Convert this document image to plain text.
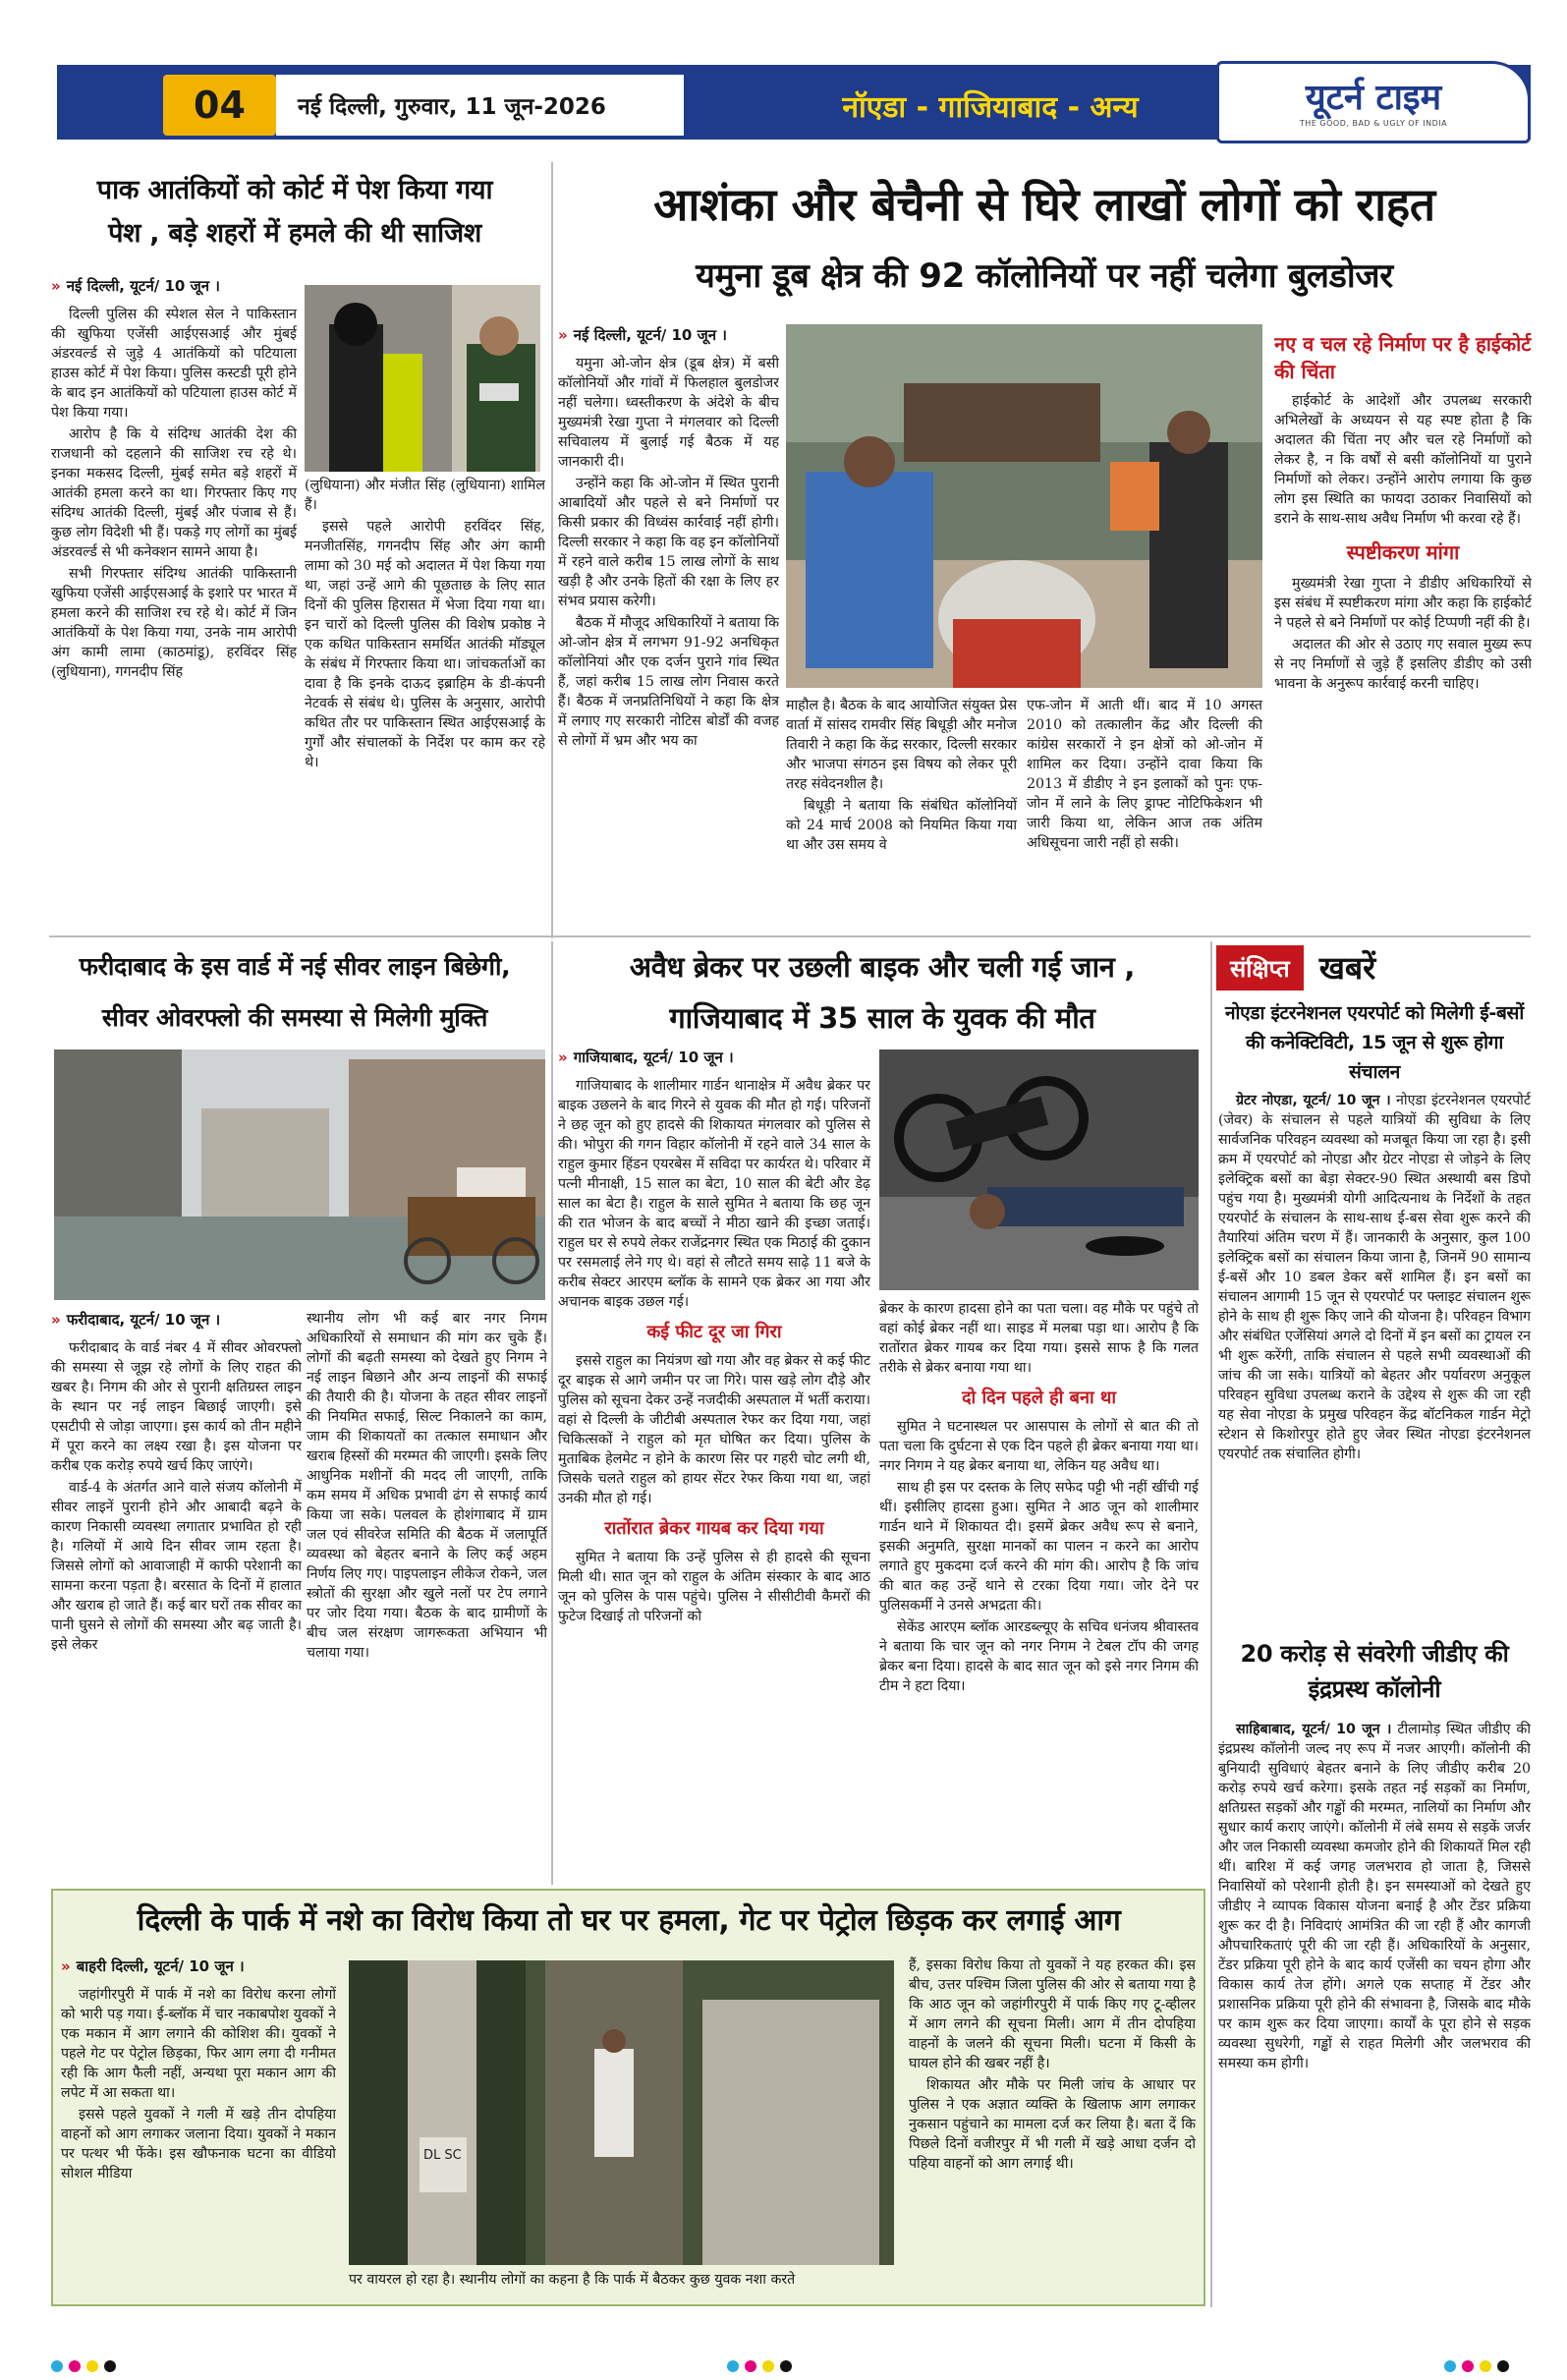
04 नई दिल्ली, गुरुवार, 11 जून-2026	नॉएडा - गाजियाबाद - अन्य	यूटर्न टाइम
THE GOOD, BAD & UGLY OF INDIA
पाक आतंकियों को कोर्ट में पेश किया गया
पेश , बड़े शहरों में हमले की थी साजिश
» नई दिल्ली, यूटर्न/ 10 जून ।

दिल्ली पुलिस की स्पेशल सेल ने पाकिस्तान की खुफिया एजेंसी आईएसआई और मुंबई अंडरवर्ल्ड से जुड़े 4 आतंकियों को पटियाला हाउस कोर्ट में पेश किया। पुलिस कस्टडी पूरी होने के बाद इन आतंकियों को पटियाला हाउस कोर्ट में पेश किया गया।

आरोप है कि ये संदिग्ध आतंकी देश की राजधानी को दहलाने की साजिश रच रहे थे। इनका मकसद दिल्ली, मुंबई समेत बड़े शहरों में आतंकी हमला करने का था। गिरफ्तार किए गए संदिग्ध आतंकी दिल्ली, मुंबई और पंजाब से हैं। कुछ लोग विदेशी भी हैं। पकड़े गए लोगों का मुंबई अंडरवर्ल्ड से भी कनेक्शन सामने आया है।

सभी गिरफ्तार संदिग्ध आतंकी पाकिस्तानी खुफिया एजेंसी आईएसआई के इशारे पर भारत में हमला करने की साजिश रच रहे थे। कोर्ट में जिन आतंकियों के पेश किया गया, उनके नाम आरोपी अंग कामी लामा (काठमांडू), हरविंदर सिंह (लुधियाना), गगनदीप सिंह

(लुधियाना) और मंजीत सिंह (लुधियाना) शामिल हैं।

इससे पहले आरोपी हरविंदर सिंह, मनजीतसिंह, गगनदीप सिंह और अंग कामी लामा को 30 मई को अदालत में पेश किया गया था, जहां उन्हें आगे की पूछताछ के लिए सात दिनों की पुलिस हिरासत में भेजा दिया गया था। इन चारों को दिल्ली पुलिस की विशेष प्रकोष्ठ ने एक कथित पाकिस्तान समर्थित आतंकी मॉड्यूल के संबंध में गिरफ्तार किया था। जांचकर्ताओं का दावा है कि इनके दाऊद इब्राहिम के डी-कंपनी नेटवर्क से संबंध थे। पुलिस के अनुसार, आरोपी कथित तौर पर पाकिस्तान स्थित आईएसआई के गुर्गों और संचालकों के निर्देश पर काम कर रहे थे।

आशंका और बेचैनी से घिरे लाखों लोगों को राहत
यमुना डूब क्षेत्र की 92 कॉलोनियों पर नहीं चलेगा बुलडोजर
» नई दिल्ली, यूटर्न/ 10 जून ।

यमुना ओ-जोन क्षेत्र (डूब क्षेत्र) में बसी कॉलोनियों और गांवों में फिलहाल बुलडोजर नहीं चलेगा। ध्वस्तीकरण के अंदेशे के बीच मुख्यमंत्री रेखा गुप्ता ने मंगलवार को दिल्ली सचिवालय में बुलाई गई बैठक में यह जानकारी दी।

उन्होंने कहा कि ओ-जोन में स्थित पुरानी आबादियों और पहले से बने निर्माणों पर किसी प्रकार की विध्वंस कार्रवाई नहीं होगी। दिल्ली सरकार ने कहा कि वह इन कॉलोनियों में रहने वाले करीब 15 लाख लोगों के साथ खड़ी है और उनके हितों की रक्षा के लिए हर संभव प्रयास करेगी।

बैठक में मौजूद अधिकारियों ने बताया कि ओ-जोन क्षेत्र में लगभग 91-92 अनधिकृत कॉलोनियां और एक दर्जन पुराने गांव स्थित हैं, जहां करीब 15 लाख लोग निवास करते हैं। बैठक में जनप्रतिनिधियों ने कहा कि क्षेत्र में लगाए गए सरकारी नोटिस बोर्डों की वजह से लोगों में भ्रम और भय का

माहौल है। बैठक के बाद आयोजित संयुक्त प्रेस वार्ता में सांसद रामवीर सिंह बिधूड़ी और मनोज तिवारी ने कहा कि केंद्र सरकार, दिल्ली सरकार और भाजपा संगठन इस विषय को लेकर पूरी तरह संवेदनशील है।

बिधूड़ी ने बताया कि संबंधित कॉलोनियों को 24 मार्च 2008 को नियमित किया गया था और उस समय वे

एफ-जोन में आती थीं। बाद में 10 अगस्त 2010 को तत्कालीन केंद्र और दिल्ली की कांग्रेस सरकारों ने इन क्षेत्रों को ओ-जोन में शामिल कर दिया। उन्होंने दावा किया कि 2013 में डीडीए ने इन इलाकों को पुनः एफ-जोन में लाने के लिए ड्राफ्ट नोटिफिकेशन भी जारी किया था, लेकिन आज तक अंतिम अधिसूचना जारी नहीं हो सकी।

नए व चल रहे निर्माण पर है हाईकोर्ट की चिंता

हाईकोर्ट के आदेशों और उपलब्ध सरकारी अभिलेखों के अध्ययन से यह स्पष्ट होता है कि अदालत की चिंता नए और चल रहे निर्माणों को लेकर है, न कि वर्षों से बसी कॉलोनियों या पुराने निर्माणों को लेकर। उन्होंने आरोप लगाया कि कुछ लोग इस स्थिति का फायदा उठाकर निवासियों को डराने के साथ-साथ अवैध निर्माण भी करवा रहे हैं।

स्पष्टीकरण मांगा

मुख्यमंत्री रेखा गुप्ता ने डीडीए अधिकारियों से इस संबंध में स्पष्टीकरण मांगा और कहा कि हाईकोर्ट ने पहले से बने निर्माणों पर कोई टिप्पणी नहीं की है।

अदालत की ओर से उठाए गए सवाल मुख्य रूप से नए निर्माणों से जुड़े हैं इसलिए डीडीए को उसी भावना के अनुरूप कार्रवाई करनी चाहिए।

फरीदाबाद के इस वार्ड में नई सीवर लाइन बिछेगी,
सीवर ओवरफ्लो की समस्या से मिलेगी मुक्ति
» फरीदाबाद, यूटर्न/ 10 जून ।

फरीदाबाद के वार्ड नंबर 4 में सीवर ओवरफ्लो की समस्या से जूझ रहे लोगों के लिए राहत की खबर है। निगम की ओर से पुरानी क्षतिग्रस्त लाइन के स्थान पर नई लाइन बिछाई जाएगी। इसे एसटीपी से जोड़ा जाएगा। इस कार्य को तीन महीने में पूरा करने का लक्ष्य रखा है। इस योजना पर करीब एक करोड़ रुपये खर्च किए जाएंगे।

वार्ड-4 के अंतर्गत आने वाले संजय कॉलोनी में सीवर लाइनें पुरानी होने और आबादी बढ़ने के कारण निकासी व्यवस्था लगातार प्रभावित हो रही है। गलियों में आये दिन सीवर जाम रहता है। जिससे लोगों को आवाजाही में काफी परेशानी का सामना करना पड़ता है। बरसात के दिनों में हालात और खराब हो जाते हैं। कई बार घरों तक सीवर का पानी घुसने से लोगों की समस्या और बढ़ जाती है। इसे लेकर

स्थानीय लोग भी कई बार नगर निगम अधिकारियों से समाधान की मांग कर चुके हैं। लोगों की बढ़ती समस्या को देखते हुए निगम ने नई लाइन बिछाने और अन्य लाइनों की सफाई की तैयारी की है। योजना के तहत सीवर लाइनों की नियमित सफाई, सिल्ट निकालने का काम, जाम की शिकायतों का तत्काल समाधान और खराब हिस्सों की मरम्मत की जाएगी। इसके लिए आधुनिक मशीनों की मदद ली जाएगी, ताकि कम समय में अधिक प्रभावी ढंग से सफाई कार्य किया जा सके। पलवल के होशंगाबाद में ग्राम जल एवं सीवरेज समिति की बैठक में जलापूर्ति व्यवस्था को बेहतर बनाने के लिए कई अहम निर्णय लिए गए। पाइपलाइन लीकेज रोकने, जल स्त्रोतों की सुरक्षा और खुले नलों पर टेप लगाने पर जोर दिया गया। बैठक के बाद ग्रामीणों के बीच जल संरक्षण जागरूकता अभियान भी चलाया गया।

अवैध ब्रेकर पर उछली बाइक और चली गई जान ,
गाजियाबाद में 35 साल के युवक की मौत
» गाजियाबाद, यूटर्न/ 10 जून ।

गाजियाबाद के शालीमार गार्डन थानाक्षेत्र में अवैध ब्रेकर पर बाइक उछलने के बाद गिरने से युवक की मौत हो गई। परिजनों ने छह जून को हुए हादसे की शिकायत मंगलवार को पुलिस से की। भोपुरा की गगन विहार कॉलोनी में रहने वाले 34 साल के राहुल कुमार हिंडन एयरबेस में सविदा पर कार्यरत थे। परिवार में पत्नी मीनाक्षी, 15 साल का बेटा, 10 साल की बेटी और डेढ़ साल का बेटा है। राहुल के साले सुमित ने बताया कि छह जून की रात भोजन के बाद बच्चों ने मीठा खाने की इच्छा जताई। राहुल घर से रुपये लेकर राजेंद्रनगर स्थित एक मिठाई की दुकान पर रसमलाई लेने गए थे। वहां से लौटते समय साढ़े 11 बजे के करीब सेक्टर आरएम ब्लॉक के सामने एक ब्रेकर आ गया और अचानक बाइक उछल गई।

कई फीट दूर जा गिरा

इससे राहुल का नियंत्रण खो गया और वह ब्रेकर से कई फीट दूर बाइक से आगे जमीन पर जा गिरे। पास खड़े लोग दौड़े और पुलिस को सूचना देकर उन्हें नजदीकी अस्पताल में भर्ती कराया। वहां से दिल्ली के जीटीबी अस्पताल रेफर कर दिया गया, जहां चिकित्सकों ने राहुल को मृत घोषित कर दिया। पुलिस के मुताबिक हेलमेट न होने के कारण सिर पर गहरी चोट लगी थी, जिसके चलते राहुल को हायर सेंटर रेफर किया गया था, जहां उनकी मौत हो गई।

रातोंरात ब्रेकर गायब कर दिया गया

सुमित ने बताया कि उन्हें पुलिस से ही हादसे की सूचना मिली थी। सात जून को राहुल के अंतिम संस्कार के बाद आठ जून को पुलिस के पास पहुंचे। पुलिस ने सीसीटीवी कैमरों की फुटेज दिखाई तो परिजनों को

ब्रेकर के कारण हादसा होने का पता चला। वह मौके पर पहुंचे तो वहां कोई ब्रेकर नहीं था। साइड में मलबा पड़ा था। आरोप है कि रातोंरात ब्रेकर गायब कर दिया गया। इससे साफ है कि गलत तरीके से ब्रेकर बनाया गया था।

दो दिन पहले ही बना था

सुमित ने घटनास्थल पर आसपास के लोगों से बात की तो पता चला कि दुर्घटना से एक दिन पहले ही ब्रेकर बनाया गया था। नगर निगम ने यह ब्रेकर बनाया था, लेकिन यह अवैध था।

साथ ही इस पर दस्तक के लिए सफेद पट्टी भी नहीं खींची गई थीं। इसीलिए हादसा हुआ। सुमित ने आठ जून को शालीमार गार्डन थाने में शिकायत दी। इसमें ब्रेकर अवैध रूप से बनाने, इसकी अनुमति, सुरक्षा मानकों का पालन न करने का आरोप लगाते हुए मुकदमा दर्ज करने की मांग की। आरोप है कि जांच की बात कह उन्हें थाने से टरका दिया गया। जोर देने पर पुलिसकर्मी ने उनसे अभद्रता की।

सेकेंड आरएम ब्लॉक आरडब्ल्यूए के सचिव धनंजय श्रीवास्तव ने बताया कि चार जून को नगर निगम ने टेबल टॉप की जगह ब्रेकर बना दिया। हादसे के बाद सात जून को इसे नगर निगम की टीम ने हटा दिया।

संक्षिप्त खबरें
नोएडा इंटरनेशनल एयरपोर्ट को मिलेगी ई-बसों की कनेक्टिविटी, 15 जून से शुरू होगा संचालन

ग्रेटर नोएडा, यूटर्न/ 10 जून । नोएडा इंटरनेशनल एयरपोर्ट (जेवर) के संचालन से पहले यात्रियों की सुविधा के लिए सार्वजनिक परिवहन व्यवस्था को मजबूत किया जा रहा है। इसी क्रम में एयरपोर्ट को नोएडा और ग्रेटर नोएडा से जोड़ने के लिए इलेक्ट्रिक बसों का बेड़ा सेक्टर-90 स्थित अस्थायी बस डिपो पहुंच गया है। मुख्यमंत्री योगी आदित्यनाथ के निर्देशों के तहत एयरपोर्ट के संचालन के साथ-साथ ई-बस सेवा शुरू करने की तैयारियां अंतिम चरण में हैं। जानकारी के अनुसार, कुल 100 इलेक्ट्रिक बसों का संचालन किया जाना है, जिनमें 90 सामान्य ई-बसें और 10 डबल डेकर बसें शामिल हैं। इन बसों का संचालन आगामी 15 जून से एयरपोर्ट पर फ्लाइट संचालन शुरू होने के साथ ही शुरू किए जाने की योजना है। परिवहन विभाग और संबंधित एजेंसियां अगले दो दिनों में इन बसों का ट्रायल रन भी शुरू करेंगी, ताकि संचालन से पहले सभी व्यवस्थाओं की जांच की जा सके। यात्रियों को बेहतर और पर्यावरण अनुकूल परिवहन सुविधा उपलब्ध कराने के उद्देश्य से शुरू की जा रही यह सेवा नोएडा के प्रमुख परिवहन केंद्र बॉटनिकल गार्डन मेट्रो स्टेशन से किशोरपुर होते हुए जेवर स्थित नोएडा इंटरनेशनल एयरपोर्ट तक संचालित होगी।

20 करोड़ से संवरेगी जीडीए की इंद्रप्रस्थ कॉलोनी

साहिबाबाद, यूटर्न/ 10 जून । टीलामोड़ स्थित जीडीए की इंद्रप्रस्थ कॉलोनी जल्द नए रूप में नजर आएगी। कॉलोनी की बुनियादी सुविधाएं बेहतर बनाने के लिए जीडीए करीब 20 करोड़ रुपये खर्च करेगा। इसके तहत नई सड़कों का निर्माण, क्षतिग्रस्त सड़कों और गड्ढों की मरम्मत, नालियों का निर्माण और सुधार कार्य कराए जाएंगे। कॉलोनी में लंबे समय से सड़कें जर्जर और जल निकासी व्यवस्था कमजोर होने की शिकायतें मिल रही थीं। बारिश में कई जगह जलभराव हो जाता है, जिससे निवासियों को परेशानी होती है। इन समस्याओं को देखते हुए जीडीए ने व्यापक विकास योजना बनाई है और टेंडर प्रक्रिया शुरू कर दी है। निविदाएं आमंत्रित की जा रही हैं और कागजी औपचारिकताएं पूरी की जा रही हैं। अधिकारियों के अनुसार, टेंडर प्रक्रिया पूरी होने के बाद कार्य एजेंसी का चयन होगा और विकास कार्य तेज होंगे। अगले एक सप्ताह में टेंडर और प्रशासनिक प्रक्रिया पूरी होने की संभावना है, जिसके बाद मौके पर काम शुरू कर दिया जाएगा। कार्यों के पूरा होने से सड़क व्यवस्था सुधरेगी, गड्ढों से राहत मिलेगी और जलभराव की समस्या कम होगी।

दिल्ली के पार्क में नशे का विरोध किया तो घर पर हमला, गेट पर पेट्रोल छिड़क कर लगाई आग
» बाहरी दिल्ली, यूटर्न/ 10 जून ।

जहांगीरपुरी में पार्क में नशे का विरोध करना लोगों को भारी पड़ गया। ई-ब्लॉक में चार नकाबपोश युवकों ने एक मकान में आग लगाने की कोशिश की। युवकों ने पहले गेट पर पेट्रोल छिड़का, फिर आग लगा दी गनीमत रही कि आग फैली नहीं, अन्यथा पूरा मकान आग की लपेट में आ सकता था।

इससे पहले युवकों ने गली में खड़े तीन दोपहिया वाहनों को आग लगाकर जलाना दिया। युवकों ने मकान पर पत्थर भी फेंके। इस खौफनाक घटना का वीडियो सोशल मीडिया

DL SC

पर वायरल हो रहा है। स्थानीय लोगों का कहना है कि पार्क में बैठकर कुछ युवक नशा करते

हैं, इसका विरोध किया तो युवकों ने यह हरकत की। इस बीच, उत्तर पश्चिम जिला पुलिस की ओर से बताया गया है कि आठ जून को जहांगीरपुरी में पार्क किए गए टू-व्हीलर में आग लगने की सूचना मिली। आग में तीन दोपहिया वाहनों के जलने की सूचना मिली। घटना में किसी के घायल होने की खबर नहीं है।

शिकायत और मौके पर मिली जांच के आधार पर पुलिस ने एक अज्ञात व्यक्ति के खिलाफ आग लगाकर नुकसान पहुंचाने का मामला दर्ज कर लिया है। बता दें कि पिछले दिनों वजीरपुर में भी गली में खड़े आधा दर्जन दो पहिया वाहनों को आग लगाई थी।
